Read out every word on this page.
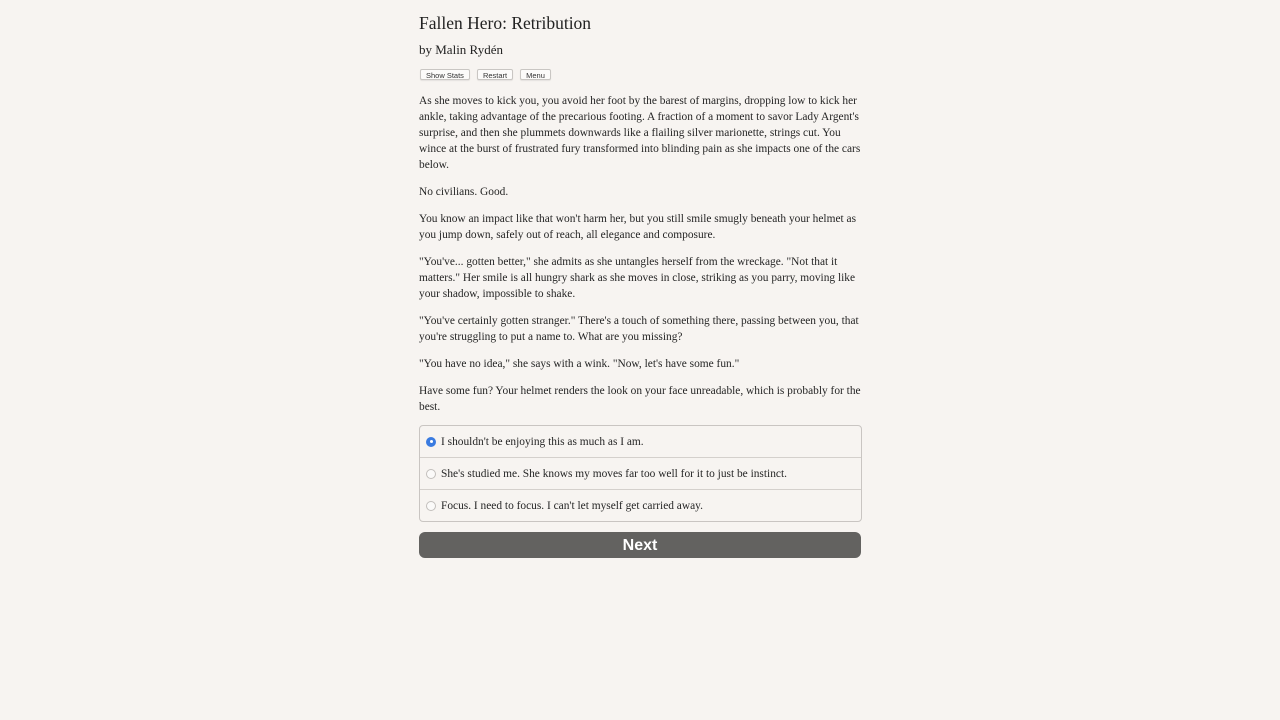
Fallen Hero: Retribution
by Malin Rydén
Show Stats	Restart	Menu

As she moves to kick you, you avoid her foot by the barest of margins, dropping low to kick her ankle, taking advantage of the precarious footing. A fraction of a moment to savor Lady Argent's surprise, and then she plummets downwards like a flailing silver marionette, strings cut. You wince at the burst of frustrated fury transformed into blinding pain as she impacts one of the cars below.

No civilians. Good.

You know an impact like that won't harm her, but you still smile smugly beneath your helmet as you jump down, safely out of reach, all elegance and composure.

"You've... gotten better," she admits as she untangles herself from the wreckage. "Not that it matters." Her smile is all hungry shark as she moves in close, striking as you parry, moving like your shadow, impossible to shake.

"You've certainly gotten stranger." There's a touch of something there, passing between you, that you're struggling to put a name to. What are you missing?

"You have no idea," she says with a wink. "Now, let's have some fun."

Have some fun? Your helmet renders the look on your face unreadable, which is probably for the best.

I shouldn't be enjoying this as much as I am.
She's studied me. She knows my moves far too well for it to just be instinct.
Focus. I need to focus. I can't let myself get carried away.
Next
